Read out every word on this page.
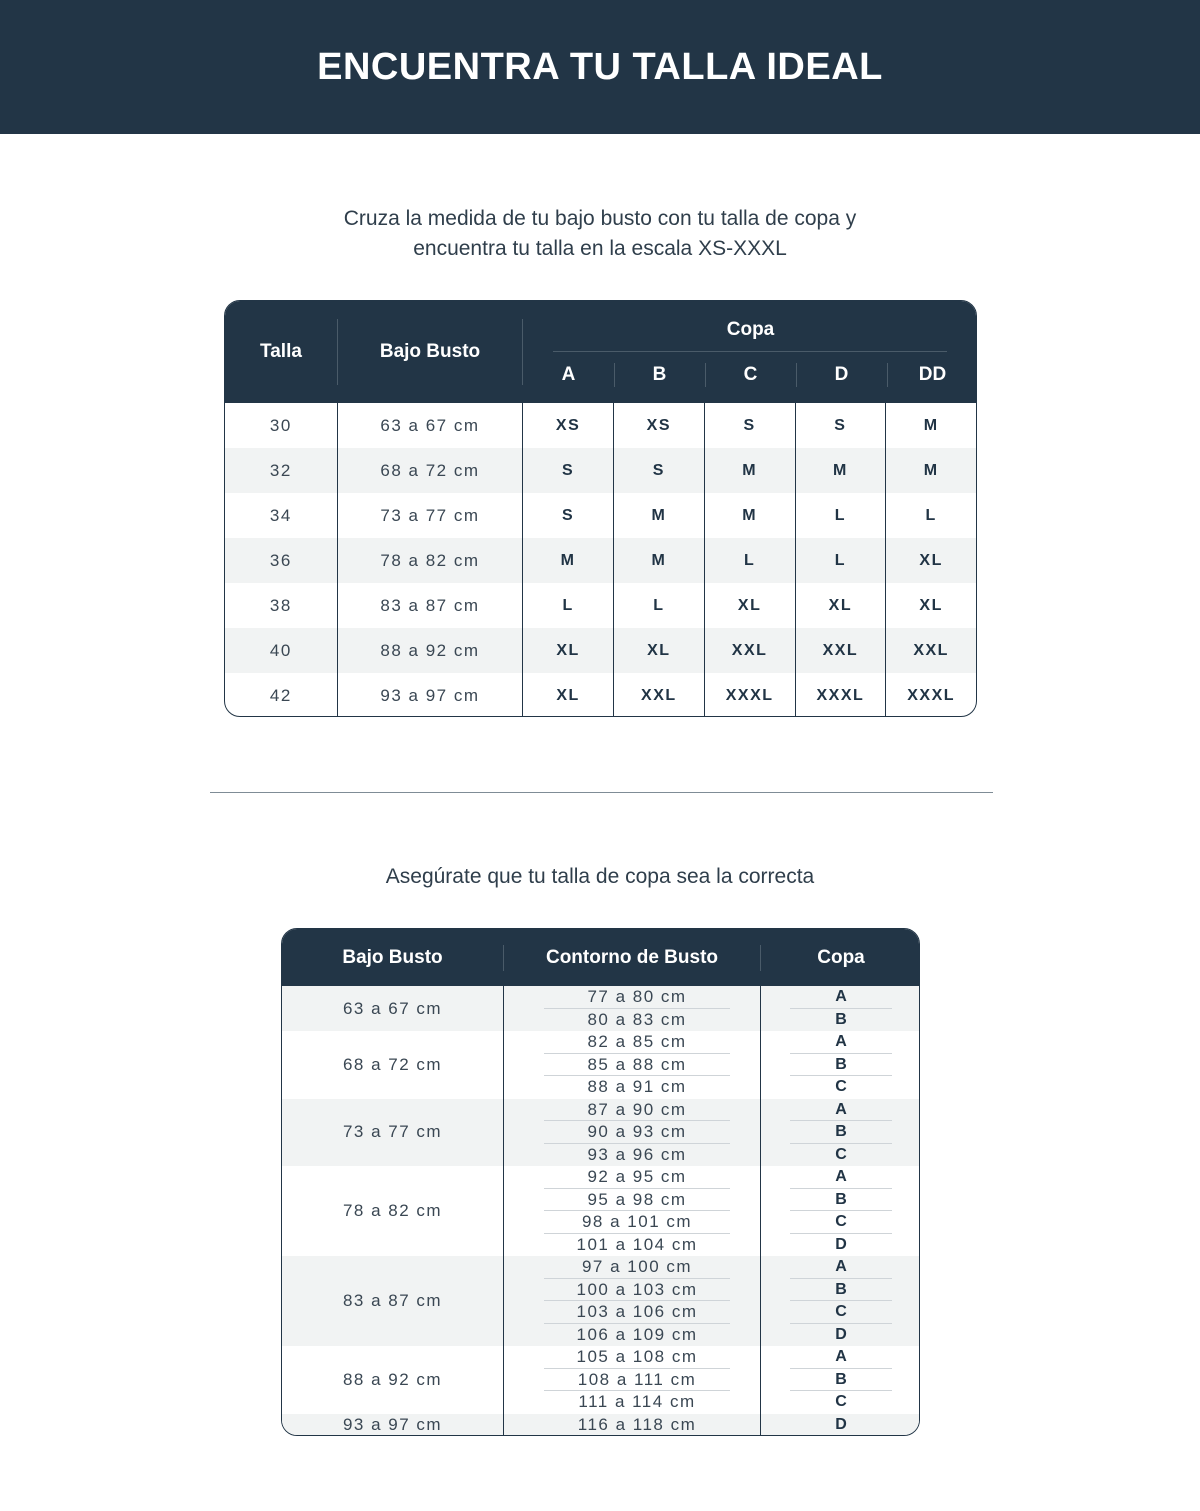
ENCUENTRA TU TALLA IDEAL
Cruza la medida de tu bajo busto con tu talla de copa y
encuentra tu talla en la escala XS-XXXL
Talla	Bajo Busto
Copa
A	B	C	D	DD
30	63 a 67 cm	XS	XS	S	S	M
32	68 a 72 cm	S	S	M	M	M
34	73 a 77 cm	S	M	M	L	L
36	78 a 82 cm	M	M	L	L	XL
38	83 a 87 cm	L	L	XL	XL	XL
40	88 a 92 cm	XL	XL	XXL	XXL	XXL
42	93 a 97 cm	XL	XXL	XXXL	XXXL	XXXL
Asegúrate que tu talla de copa sea la correcta
Bajo Busto	Contorno de Busto	Copa
63 a 67 cm
77 a 80 cm	A
80 a 83 cm	B
68 a 72 cm
82 a 85 cm	A
85 a 88 cm	B
88 a 91 cm	C
73 a 77 cm
87 a 90 cm	A
90 a 93 cm	B
93 a 96 cm	C
78 a 82 cm
92 a 95 cm	A
95 a 98 cm	B
98 a 101 cm	C
101 a 104 cm	D
83 a 87 cm
97 a 100 cm	A
100 a 103 cm	B
103 a 106 cm	C
106 a 109 cm	D
88 a 92 cm
105 a 108 cm	A
108 a 111 cm	B
111 a 114 cm	C
93 a 97 cm	116 a 118 cm	D
